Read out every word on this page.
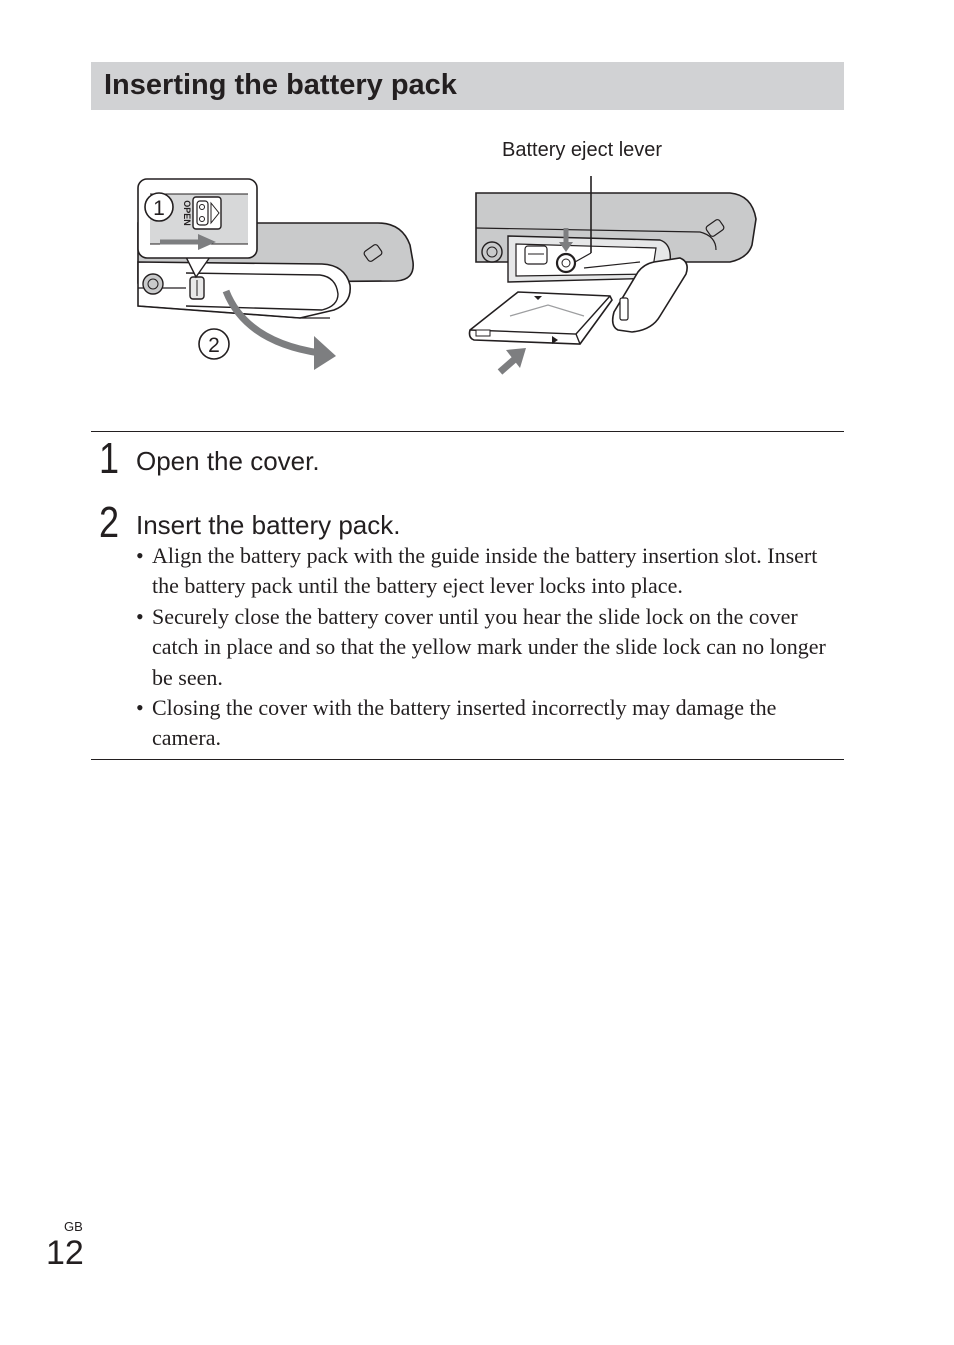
Inserting the battery pack
Battery eject lever
OPEN
1
2
1 Open the cover.
2 Insert the battery pack.
• Align the battery pack with the guide inside the battery insertion slot. Insert the battery pack until the battery eject lever locks into place.
• Securely close the battery cover until you hear the slide lock on the cover catch in place and so that the yellow mark under the slide lock can no longer be seen.
• Closing the cover with the battery inserted incorrectly may damage the camera.
GB
12
